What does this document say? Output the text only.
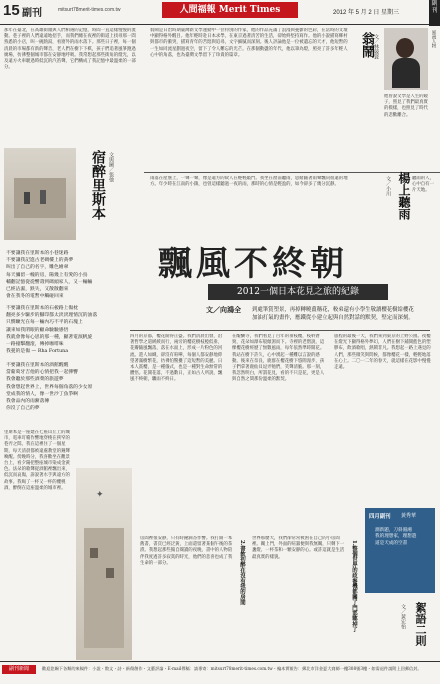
15 副刊	mitsurt78merit-times.com.tw	人間福報 Merit Times	2012 年 5 月 2 日 星期三
副刊
那年在臺北，在高雄街頭與人們相遇的記憶，時間一直這樣慢慢的流動。巷子裡的人們遠遠地招手，而我們總在夜裡的街道上找尋那一間熟悉的小店，叫一碗熱湯，看窗外的雨水落下。那些日子裡，每一個清晨的市場都有新的聲音，老人們在樹下下棋，孩子們追著風箏跑過廣場，彷彿整個城市都在安靜地呼吸。我常想起那些街角的燈光，以及遠方火車駛過時低沉的汽笛聲，它們構成了我記憶中最溫柔的一部分。
翁鬧是日治時期臺灣新文學運動中一位特別的作家，他的作品充滿了浪漫與憂鬱的色彩，在當時的文壇中顯得格外醒目。他年輕時赴日本求學，在東京過著清苦的生活，卻始終堅持寫作。他的小說描寫鄉村與都市的衝突，描寫青年的苦悶與追尋，文字細膩而深刻。後人評論他是一位被遺忘的天才，他短暫的一生如同流星劃過夜空，留下了令人難忘的光芒。在那個動盪的年代，他以筆為燈，照亮了許多年輕人心中的角落，也為臺灣文學留下了珍貴的篇章。	翁鬧 文／林競賢	風流人物
他曾說文學是人生的鏡子，照見了我們最真實的模樣，也照見了時代的悲歡離合。
宿醉里斯本 文與圖／張弛	雨落在屋簷上，一聲一聲，像是遠方的故人在輕輕敲門。我坐在窗前聽雨，思緒隨著雨聲飄向很遠的地方。年少時在江南的小鎮，也曾這樣聽過一夜的雨，那時的心情是輕盈的，如今卻多了幾分沉靜。	楊上聽雨
文／小川	聽雨的人，心中自有一片天地。
不要讓我在里斯本的小巷迷路
不要讓我記進古老碉樓上的黃夢
叫出了自己的名字，雕色繪翠
每天彌留一幢的房，陽幾上有愛的小鳥
輔翻記憶從從響壽到碼頭家人，又一輛輛
已經沾濕，跌失，又散散翻來
會在我冬的電暫中觸碰回來
不要讓我在里斯本的石板路上傷枕
翻亮多少驅步的腳印都太淡淡理情沉的油落
只憫曠光在每一輛內巧不平的石塊上
讓來如我閉眼的顧命驗驗感悟
我就會像每心思的那一種，顯著電演帆旋
一路撞擊翻滾，傳掉咖啡味
我憂的是傷 — Rha Fortuna
不要讓我在里斯本的酒館醒醒
當葡萄牙吉他的心情把我一起彈響
我會聽於那些酒菜的旅遊夢
我會想起世界上，世界每個角落的少女原
堂成我的情人，像一世沙丁魚爭啊
我會品內的雨漸落傳
你沒了自己的夢
飄風不終朝
2012一個日本花見之旅的紀錄
文／向鴻全 到處筆賞塑景，再掉轉曉薑稱花，較弟還有小學生敬讀櫻花樹給櫻花加油打氣的畫作，應鐵從小建立起與自然對話的默契，堅定而深刻。
四月的京都，櫻花開得正盛。我們清晨出發，沿著哲學之道緩緩而行，兩旁的櫻花樹枝椏低垂，花瓣隨風飄落，落在水面上，形成一片粉色的河流。遊人如織，卻沒有喧嘩，每個人都安靜地仰望著滿樹繁花，彷彿怕驚擾了這短暫的美麗。日本人賞櫻，是一種儀式，也是一種對生命無常的體悟。花開花落，不過數日，正如古人所說，飄風不終朝，驟雨不終日。
在醍醐寺，我們看見了百年的垂枝櫻，枝幹蒼勁，花朵如瀑布般傾瀉而下。寺裡的老僧說，這棵櫻花樹經歷了無數風雨，每年依然準時開花。我站在樹下許久，心中湧起一種難以言說的感動。後來在奈良，鹿群在櫻花樹下悠閒漫步，孩子們拿著鹿仙貝逗弄牠們，笑聲清脆。那一刻，我忽然明白，所謂花見，看的不只是花，更是人與自然之間那份溫柔的默契。
旅程的最後一天，我們來到東京的上野公園。夜櫻在燈光下顯得格外夢幻，人們在樹下鋪開藍色的塑膠布，飲酒歌唱，熱鬧非凡。我想起一路上遇見的人們，那些微笑與問候，都像櫻花一樣，輕輕地落在心上。二〇一二年的春天，就這樣在花影中慢慢走遠。
✦
里斯本是一座建在七座山丘上的城市，電車叮噹作響地穿梭在狹窄的巷弄之間。我在這裡住了一個星期，每天清晨都被遠處教堂的鐘聲喚醒。傍晚時分，我喜歡坐在觀景台上，看夕陽把整座城市染成金黃色。法朵的歌聲從酒館裡飄出來，低沉而哀傷，訴說著水手與遠方的故事。我喝了一杯又一杯的櫻桃酒，醉倒在這座溫柔的城市裡。
1.整個世界的政審機都關了門邯鄲掉了
2.書飲初醉在沒有我的房間
房間裡很安靜，只有時鐘滴答作響。我打開一本舊書，書頁已經泛黃，上面還留著某個午後的茶漬。我想起那些獨自閱讀的夜晚，書中的人物陪伴我度過許多寂寞的時光，他們的悲喜也成了我生命的一部分。
世界那麼大，我們卻常常被困在自己的小房間裡。關上門，外面的喧囂便與我無關，只剩下一盞燈、一杯茶和一顆安靜的心。或許這就是生活最真實的樣貌。
四月副刊 黃秀華
測新題，刀斜湄湘
我的理想家，理想遊
道是天成的空書
絮語二則
文／黃宏怡
副刊新聞	歡迎您賜下各類的來稿件：小説・散文・詩・新傷創作・文藝評論・E-mail傳稿：請專寄：mitsurt78merit-times.com.tw・編本實報告：郵北市洋金夏大商師一樓308號3樓・如需退件請附上回郵信封。
